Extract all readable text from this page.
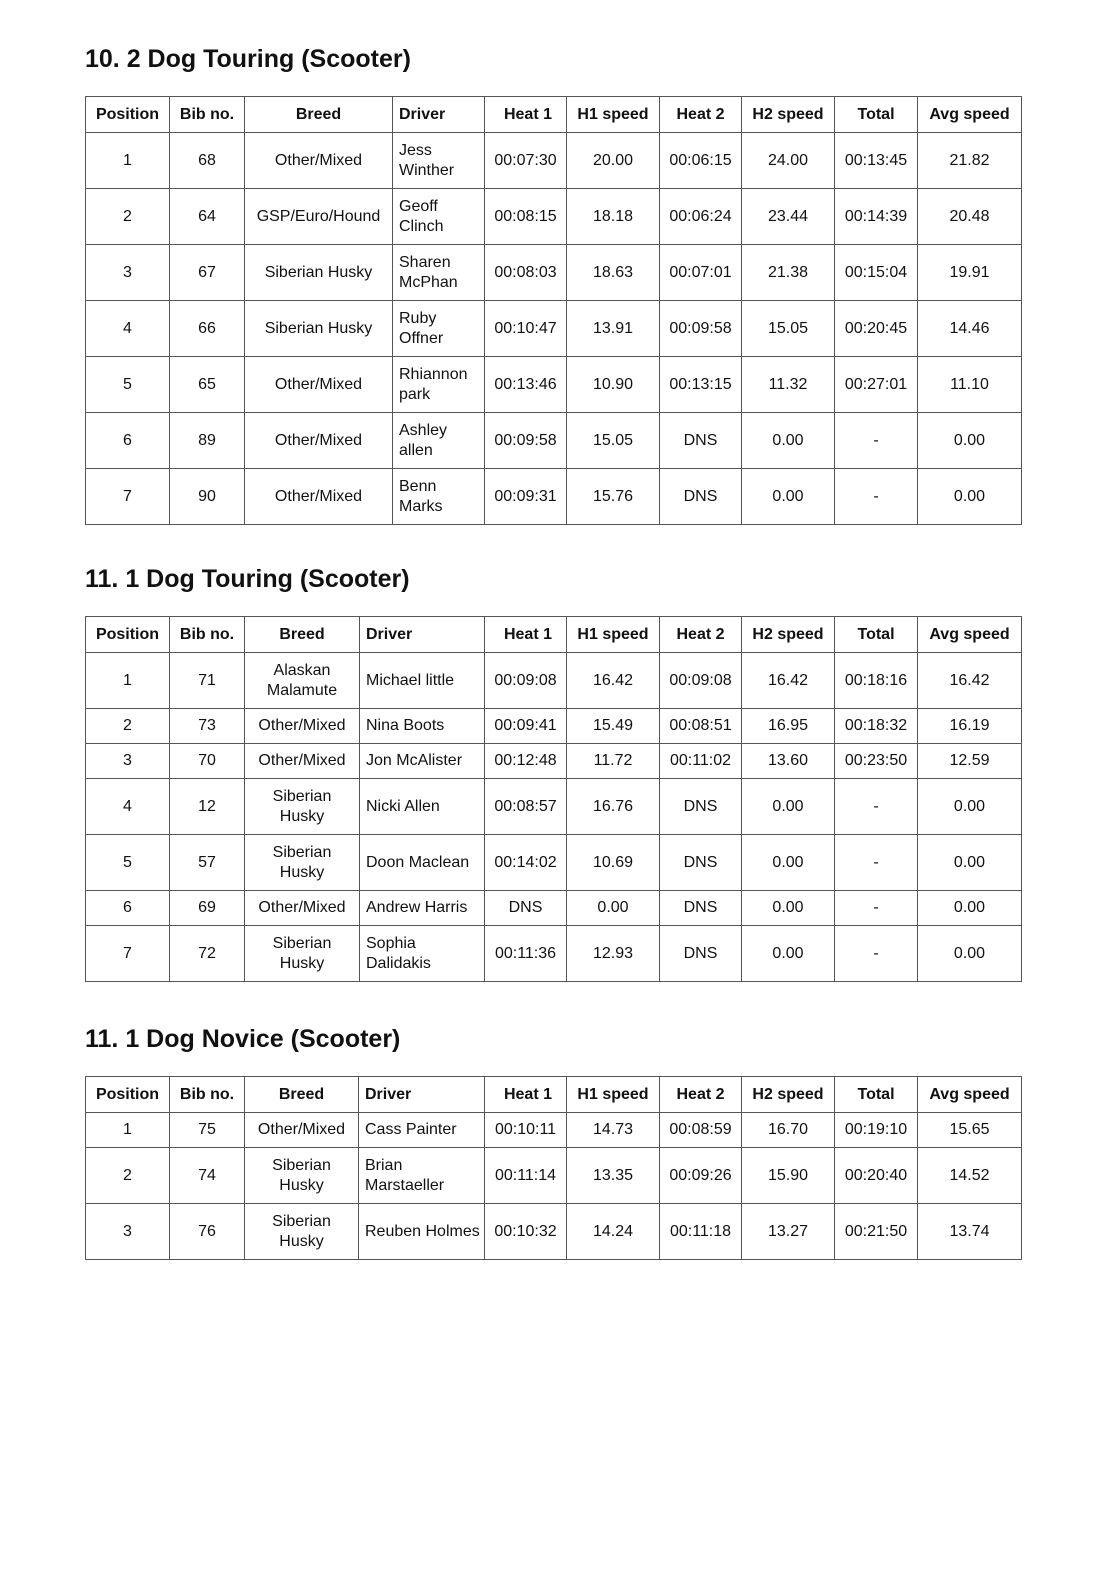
10. 2 Dog Touring (Scooter)
Position	Bib no.	Breed	Driver	Heat 1	H1 speed	Heat 2	H2 speed	Total	Avg speed
1	68	Other/Mixed	Jess Winther	00:07:30	20.00	00:06:15	24.00	00:13:45	21.82
2	64	GSP/Euro/Hound	Geoff Clinch	00:08:15	18.18	00:06:24	23.44	00:14:39	20.48
3	67	Siberian Husky	Sharen McPhan	00:08:03	18.63	00:07:01	21.38	00:15:04	19.91
4	66	Siberian Husky	Ruby Offner	00:10:47	13.91	00:09:58	15.05	00:20:45	14.46
5	65	Other/Mixed	Rhiannon park	00:13:46	10.90	00:13:15	11.32	00:27:01	11.10
6	89	Other/Mixed	Ashley allen	00:09:58	15.05	DNS	0.00	-	0.00
7	90	Other/Mixed	Benn Marks	00:09:31	15.76	DNS	0.00	-	0.00
11. 1 Dog Touring (Scooter)
Position	Bib no.	Breed	Driver	Heat 1	H1 speed	Heat 2	H2 speed	Total	Avg speed
1	71	Alaskan Malamute	Michael little	00:09:08	16.42	00:09:08	16.42	00:18:16	16.42
2	73	Other/Mixed	Nina Boots	00:09:41	15.49	00:08:51	16.95	00:18:32	16.19
3	70	Other/Mixed	Jon McAlister	00:12:48	11.72	00:11:02	13.60	00:23:50	12.59
4	12	Siberian Husky	Nicki Allen	00:08:57	16.76	DNS	0.00	-	0.00
5	57	Siberian Husky	Doon Maclean	00:14:02	10.69	DNS	0.00	-	0.00
6	69	Other/Mixed	Andrew Harris	DNS	0.00	DNS	0.00	-	0.00
7	72	Siberian Husky	Sophia Dalidakis	00:11:36	12.93	DNS	0.00	-	0.00
11. 1 Dog Novice (Scooter)
Position	Bib no.	Breed	Driver	Heat 1	H1 speed	Heat 2	H2 speed	Total	Avg speed
1	75	Other/Mixed	Cass Painter	00:10:11	14.73	00:08:59	16.70	00:19:10	15.65
2	74	Siberian Husky	Brian Marstaeller	00:11:14	13.35	00:09:26	15.90	00:20:40	14.52
3	76	Siberian Husky	Reuben Holmes	00:10:32	14.24	00:11:18	13.27	00:21:50	13.74
